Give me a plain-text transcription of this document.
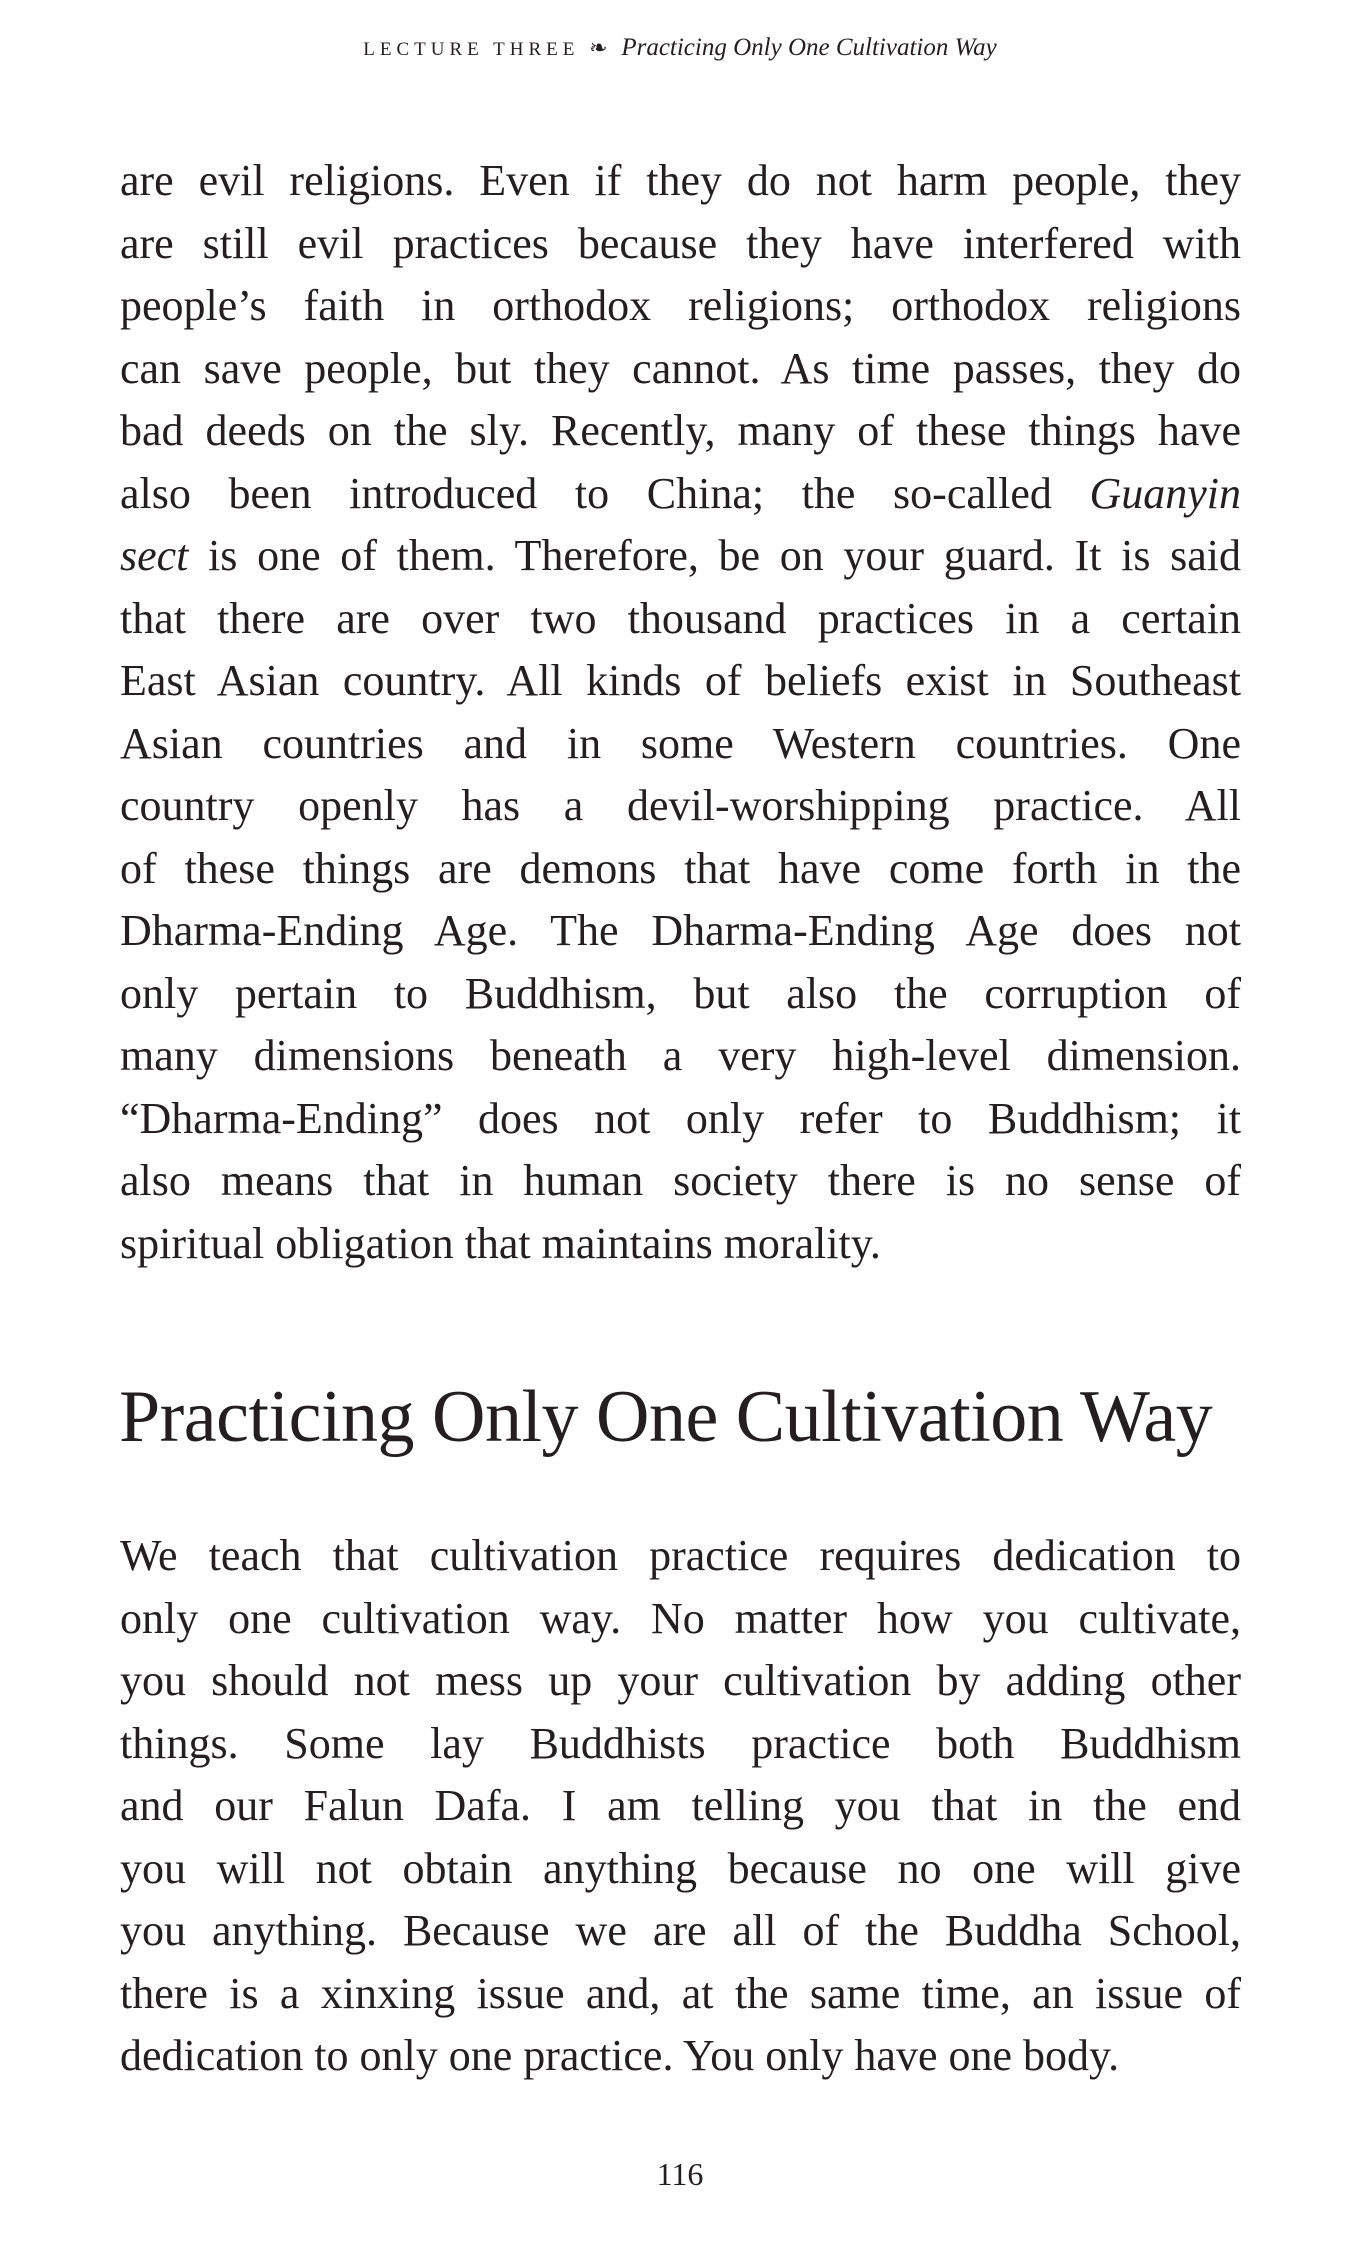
LECTURE THREE ❧ Practicing Only One Cultivation Way
are evil religions. Even if they do not harm people, they
are still evil practices because they have interfered with
people’s faith in orthodox religions; orthodox religions
can save people, but they cannot. As time passes, they do
bad deeds on the sly. Recently, many of these things have
also been introduced to China; the so-called Guanyin
sect is one of them. Therefore, be on your guard. It is said
that there are over two thousand practices in a certain
East Asian country. All kinds of beliefs exist in Southeast
Asian countries and in some Western countries. One
country openly has a devil-worshipping practice. All
of these things are demons that have come forth in the
Dharma-Ending Age. The Dharma-Ending Age does not
only pertain to Buddhism, but also the corruption of
many dimensions beneath a very high-level dimension.
“Dharma-Ending” does not only refer to Buddhism; it
also means that in human society there is no sense of
spiritual obligation that maintains morality.
Practicing Only One Cultivation Way
We teach that cultivation practice requires dedication to
only one cultivation way. No matter how you cultivate,
you should not mess up your cultivation by adding other
things. Some lay Buddhists practice both Buddhism
and our Falun Dafa. I am telling you that in the end
you will not obtain anything because no one will give
you anything. Because we are all of the Buddha School,
there is a xinxing issue and, at the same time, an issue of
dedication to only one practice. You only have one body.
116
